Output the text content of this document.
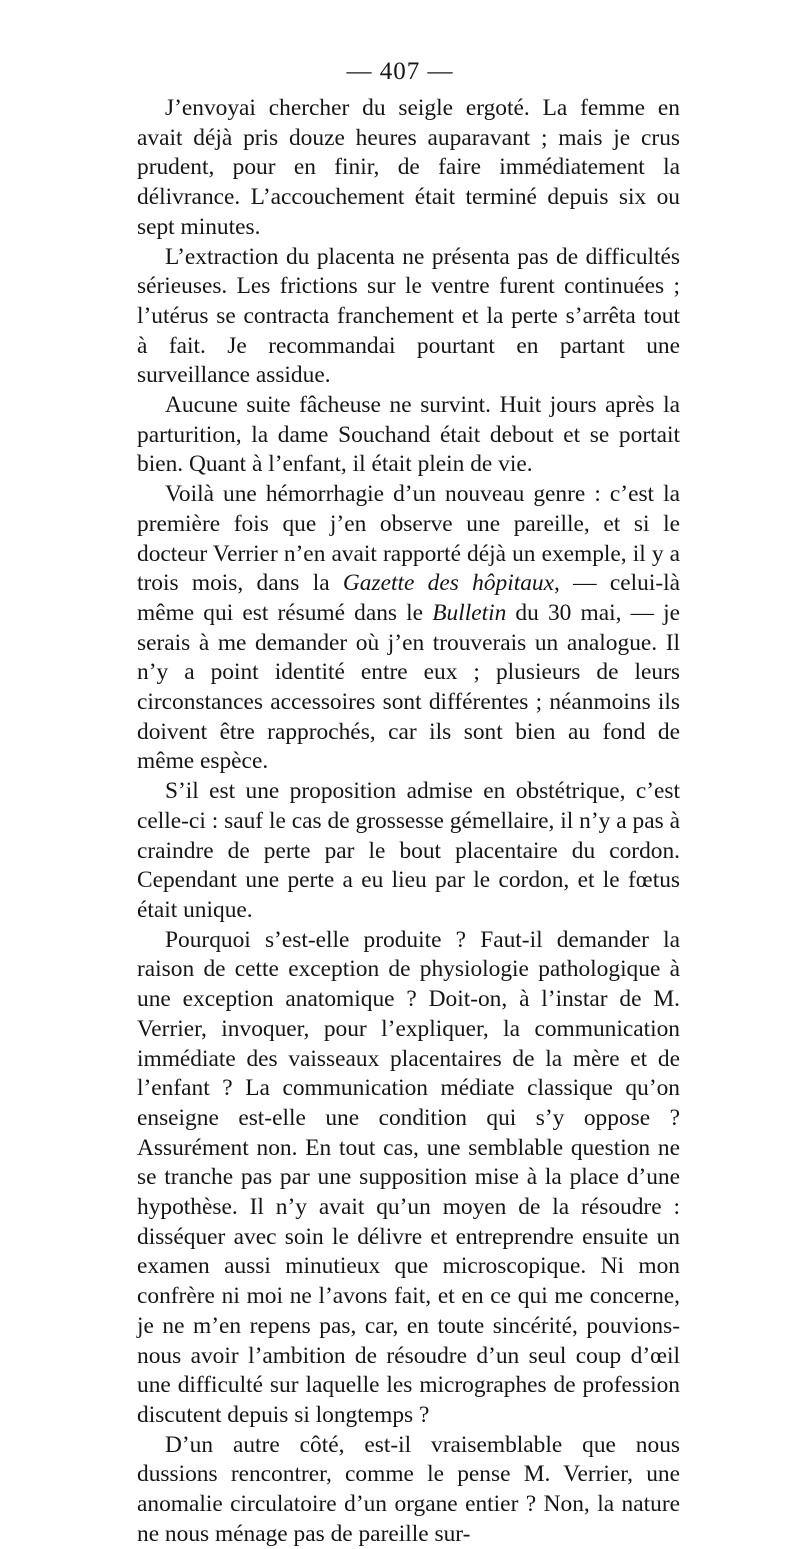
— 407 —

J’envoyai chercher du seigle ergoté. La femme en avait déjà pris douze heures auparavant ; mais je crus prudent, pour en finir, de faire immédiatement la délivrance. L’accouchement était terminé depuis six ou sept minutes.

L’extraction du placenta ne présenta pas de difficultés sérieuses. Les frictions sur le ventre furent continuées ; l’utérus se contracta franchement et la perte s’arrêta tout à fait. Je recommandai pourtant en partant une surveillance assidue.

Aucune suite fâcheuse ne survint. Huit jours après la parturition, la dame Souchand était debout et se portait bien. Quant à l’enfant, il était plein de vie.

Voilà une hémorrhagie d’un nouveau genre : c’est la première fois que j’en observe une pareille, et si le docteur Verrier n’en avait rapporté déjà un exemple, il y a trois mois, dans la Gazette des hôpitaux, — celui-là même qui est résumé dans le Bulletin du 30 mai, — je serais à me demander où j’en trouverais un analogue. Il n’y a point identité entre eux ; plusieurs de leurs circonstances accessoires sont différentes ; néanmoins ils doivent être rapprochés, car ils sont bien au fond de même espèce.

S’il est une proposition admise en obstétrique, c’est celle-ci : sauf le cas de grossesse gémellaire, il n’y a pas à craindre de perte par le bout placentaire du cordon. Cependant une perte a eu lieu par le cordon, et le fœtus était unique.

Pourquoi s’est-elle produite ? Faut-il demander la raison de cette exception de physiologie pathologique à une exception anatomique ? Doit-on, à l’instar de M. Verrier, invoquer, pour l’expliquer, la communication immédiate des vaisseaux placentaires de la mère et de l’enfant ? La communication médiate classique qu’on enseigne est-elle une condition qui s’y oppose ? Assurément non. En tout cas, une semblable question ne se tranche pas par une supposition mise à la place d’une hypothèse. Il n’y avait qu’un moyen de la résoudre : disséquer avec soin le délivre et entreprendre ensuite un examen aussi minutieux que microscopique. Ni mon confrère ni moi ne l’avons fait, et en ce qui me concerne, je ne m’en repens pas, car, en toute sincérité, pouvions-nous avoir l’ambition de résoudre d’un seul coup d’œil une difficulté sur laquelle les micrographes de profession discutent depuis si longtemps ?

D’un autre côté, est-il vraisemblable que nous dussions rencontrer, comme le pense M. Verrier, une anomalie circulatoire d’un organe entier ? Non, la nature ne nous ménage pas de pareille sur-
